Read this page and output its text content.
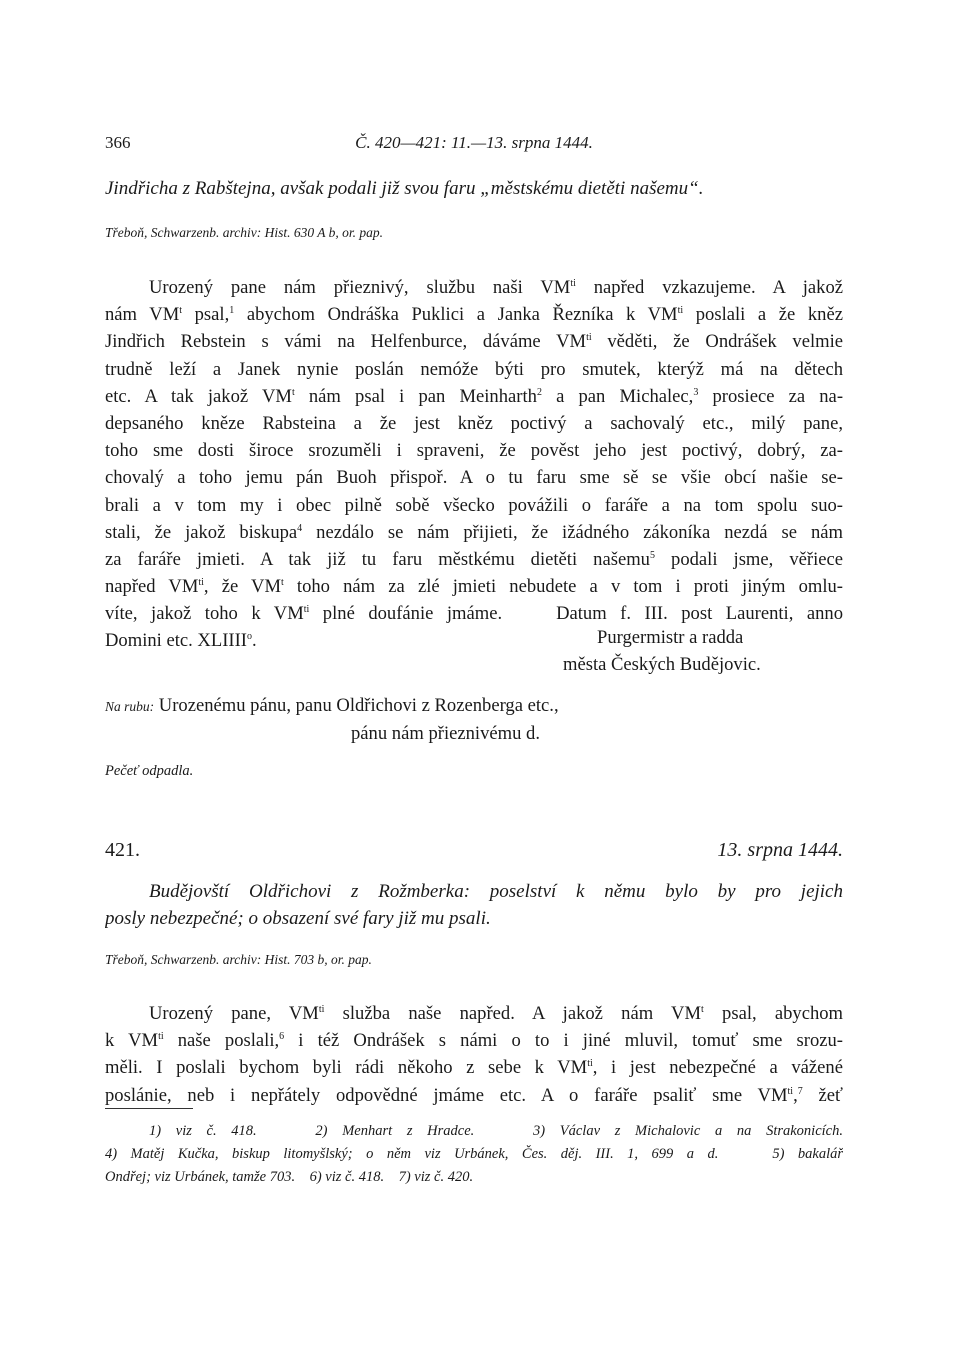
366	Č. 420—421: 11.—13. srpna 1444.
Jindřicha z Rabštejna, avšak podali již svou faru „městskému dietěti našemu“.
Třeboň, Schwarzenb. archiv: Hist. 630 A b, or. pap.
Urozený pane nám přieznivý, službu naši $VM^{ti}$ napřed vzkazujeme. A jakož
nám $VM^t$ psal,$^1$ abychom Ondráška Puklici a Janka Řezníka k $VM^{ti}$ poslali a že kněz
Jindřich Rebstein s vámi na Helfenburce, dáváme $VM^{ti}$ věděti, že Ondrášek velmie
trudně leží a Janek nynie poslán nemóže býti pro smutek, kterýž má na dětech
etc. A tak jakož $VM^t$ nám psal i pan Meinharth$^2$ a pan Michalec,$^3$ prosiece za na-
depsaného kněze Rabsteina a že jest kněz poctivý a sachovalý etc., milý pane,
toho sme dosti široce srozuměli i spraveni, že pověst jeho jest poctivý, dobrý, za-
chovalý a toho jemu pán Buoh přispoř. A o tu faru sme sě se všie obcí našie se-
brali a v tom my i obec pilně sobě všecko povážili o faráře a na tom spolu suo-
stali, že jakož biskupa$^4$ nezdálo se nám přijieti, že ižádného zákoníka nezdá se nám
za faráře jmieti. A tak již tu faru městkému dietěti našemu$^5$ podali jsme, věřiece
napřed $VM^{ti}$, že $VM^t$ toho nám za zlé jmieti nebudete a v tom i proti jiným omlu-
víte, jakož toho k $VM^{ti}$ plné doufánie jmáme.    Datum f. III. post Laurenti, anno
Domini etc. XLIIII$^o$.	Purgermistr a radda
města Českých Budějovic.
Na rubu: Urozenému pánu, panu Oldřichovi z Rozenberga etc.,
pánu nám přieznivému d.
Pečeť odpadla.
421.	13. srpna 1444.
Budějovští Oldřichovi z Rožmberka: poselství k němu bylo by pro jejich
posly nebezpečné; o obsazení své fary již mu psali.
Třeboň, Schwarzenb. archiv: Hist. 703 b, or. pap.
Urozený pane, $VM^{ti}$ služba naše napřed. A jakož nám $VM^t$ psal, abychom
k $VM^{ti}$ naše poslali,$^6$ i též Ondrášek s námi o to i jiné mluvil, tomuť sme srozu-
měli. I poslali bychom byli rádi někoho z sebe k $VM^{ti}$, i jest nebezpečné a vážené
poslánie, neb i nepřátely odpovědné jmáme etc. A o faráře psaliť sme $VM^{ti},^7$ žeť
1) viz č. 418.    2) Menhart z Hradce.    3) Václav z Michalovic a na Strakonicích.
4) Matěj Kučka, biskup litomyšlský; o něm viz Urbánek, Čes. děj. III. 1, 699 a d.    5) bakalář
Ondřej; viz Urbánek, tamže 703.    6) viz č. 418.    7) viz č. 420.
